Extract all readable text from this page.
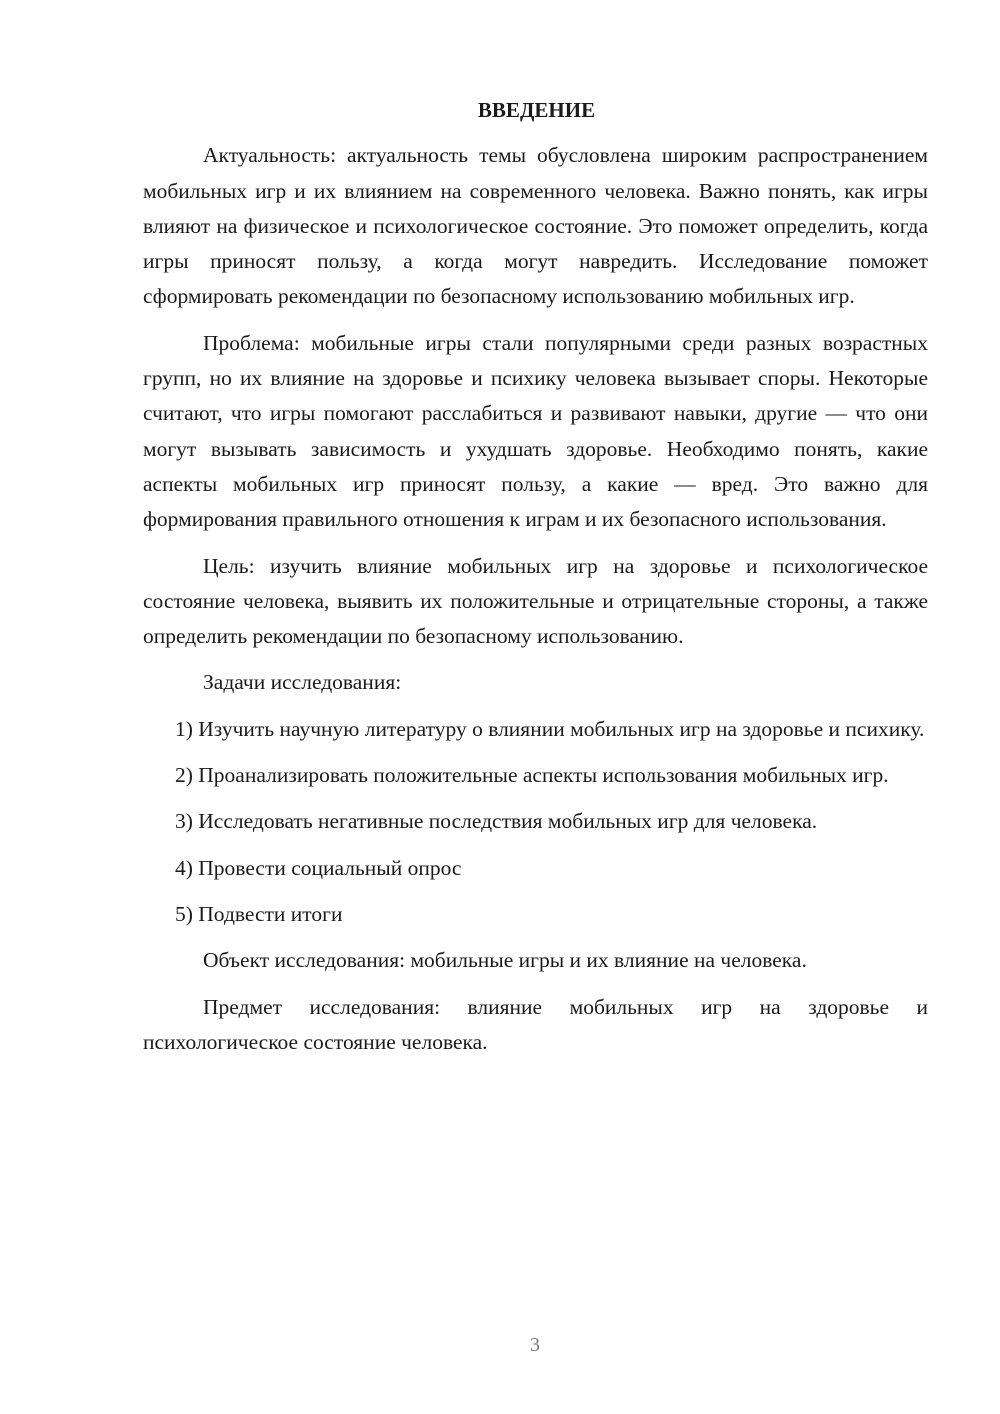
ВВЕДЕНИЕ

Актуальность: актуальность темы обусловлена широким распространением мобильных игр и их влиянием на современного человека. Важно понять, как игры влияют на физическое и психологическое состояние. Это поможет определить, когда игры приносят пользу, а когда могут навредить. Исследование поможет сформировать рекомендации по безопасному использованию мобильных игр.

Проблема: мобильные игры стали популярными среди разных возрастных групп, но их влияние на здоровье и психику человека вызывает споры. Некоторые считают, что игры помогают расслабиться и развивают навыки, другие — что они могут вызывать зависимость и ухудшать здоровье. Необходимо понять, какие аспекты мобильных игр приносят пользу, а какие — вред. Это важно для формирования правильного отношения к играм и их безопасного использования.

Цель: изучить влияние мобильных игр на здоровье и психологическое состояние человека, выявить их положительные и отрицательные стороны, а также определить рекомендации по безопасному использованию.

Задачи исследования:

1) Изучить научную литературу о влиянии мобильных игр на здоровье и психику.

2) Проанализировать положительные аспекты использования мобильных игр.

3) Исследовать негативные последствия мобильных игр для человека.

4) Провести социальный опрос

5) Подвести итоги

Объект исследования: мобильные игры и их влияние на человека.

Предмет исследования: влияние мобильных игр на здоровье и психологическое состояние человека.

3
